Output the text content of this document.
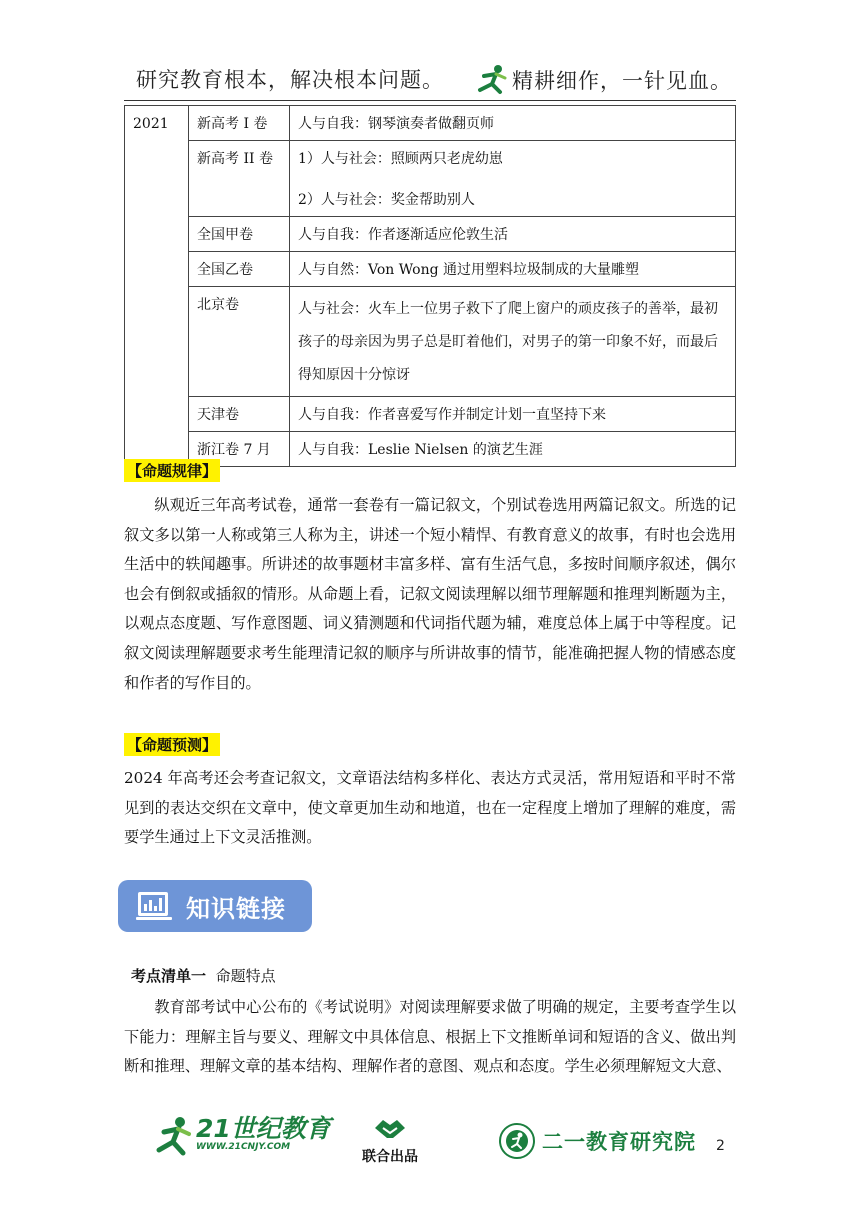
研究教育根本，解决根本问题。	精耕细作，一针见血。
2021	新高考 I 卷	人与自我：钢琴演奏者做翻页师

	新高考 II 卷	1）人与社会：照顾两只老虎幼崽
2）人与社会：奖金帮助别人

	全国甲卷	人与自我：作者逐渐适应伦敦生活

	全国乙卷	人与自然：Von Wong 通过用塑料垃圾制成的大量雕塑

	北京卷	人与社会：火车上一位男子救下了爬上窗户的顽皮孩子的善举，最初孩子的母亲因为男子总是盯着他们，对男子的第一印象不好，而最后得知原因十分惊讶

	天津卷	人与自我：作者喜爱写作并制定计划一直坚持下来

	浙江卷 7 月	人与自我：Leslie Nielsen 的演艺生涯
【命题规律】
纵观近三年高考试卷，通常一套卷有一篇记叙文，个别试卷选用两篇记叙文。所选的记叙文多以第一人称或第三人称为主，讲述一个短小精悍、有教育意义的故事，有时也会选用生活中的轶闻趣事。所讲述的故事题材丰富多样、富有生活气息，多按时间顺序叙述，偶尔也会有倒叙或插叙的情形。从命题上看，记叙文阅读理解以细节理解题和推理判断题为主，以观点态度题、写作意图题、词义猜测题和代词指代题为辅，难度总体上属于中等程度。记叙文阅读理解题要求考生能理清记叙的顺序与所讲故事的情节，能准确把握人物的情感态度和作者的写作目的。
【命题预测】
2024 年高考还会考查记叙文，文章语法结构多样化、表达方式灵活，常用短语和平时不常见到的表达交织在文章中，使文章更加生动和地道，也在一定程度上增加了理解的难度，需要学生通过上下文灵活推测。
知识链接
考点清单一 命题特点
教育部考试中心公布的《考试说明》对阅读理解要求做了明确的规定，主要考查学生以下能力：理解主旨与要义、理解文中具体信息、根据上下文推断单词和短语的含义、做出判断和推理、理解文章的基本结构、理解作者的意图、观点和态度。学生必须理解短文大意、
21世纪教育
WWW.21CNJY.COM
联合出品
二一教育研究院 2
